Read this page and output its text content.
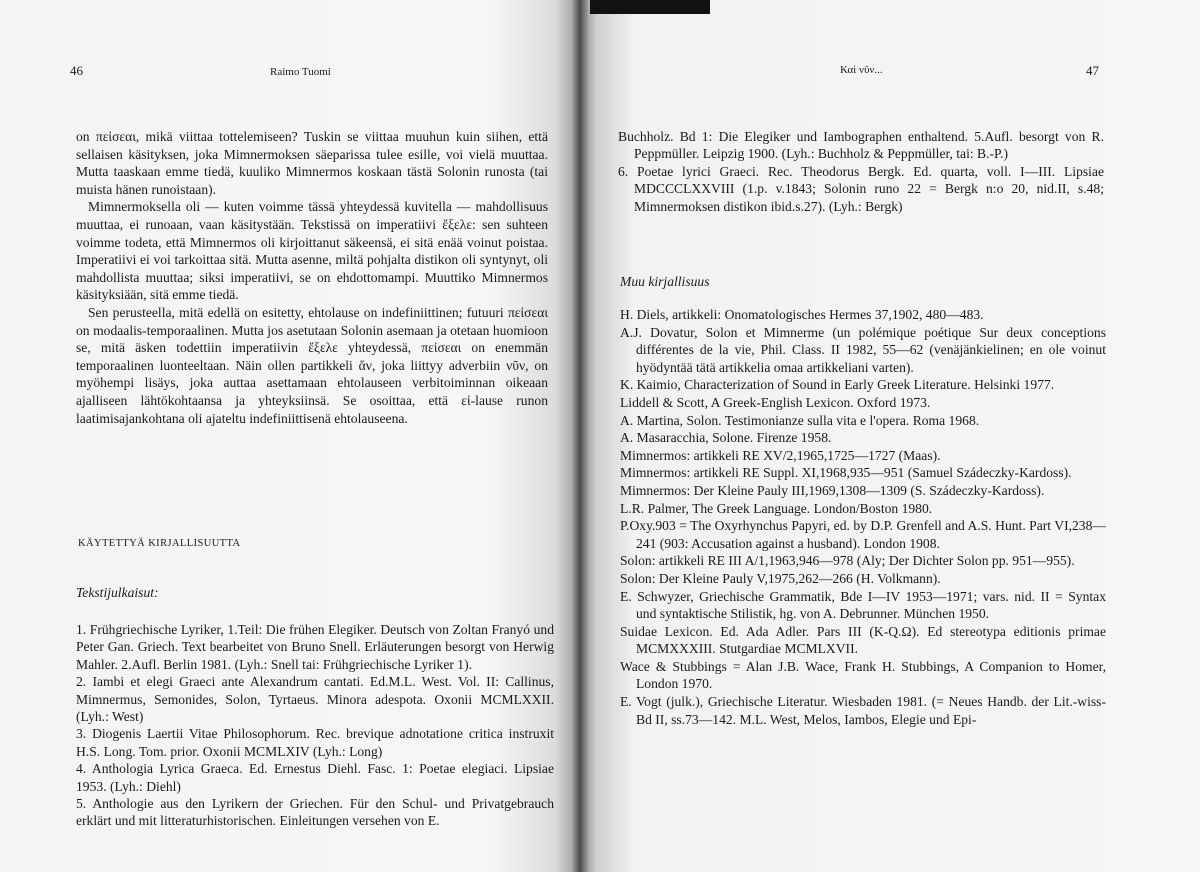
46	Raimo Tuomi

on πεἰσεαι, mikä viittaa tottelemiseen? Tuskin se viittaa muuhun kuin siihen, että sellaisen käsityksen, joka Mimnermoksen säeparissa tulee esille, voi vielä muuttaa. Mutta taaskaan emme tiedä, kuuliko Mimnermos koskaan tästä Solonin runosta (tai muista hänen runoistaan).

Mimnermoksella oli — kuten voimme tässä yhteydessä kuvitella — mahdollisuus muuttaa, ei runoaan, vaan käsitystään. Tekstissä on imperatiivi ἔξελε: sen suhteen voimme todeta, että Mimnermos oli kirjoittanut säkeensä, ei sitä enää voinut poistaa. Imperatiivi ei voi tarkoittaa sitä. Mutta asenne, miltä pohjalta distikon oli syntynyt, oli mahdollista muuttaa; siksi imperatiivi, se on ehdottomampi. Muuttiko Mimnermos käsityksiään, sitä emme tiedä.

Sen perusteella, mitä edellä on esitetty, ehtolause on indefiniittinen; futuuri πεἰσεαι on modaalis-temporaalinen. Mutta jos asetutaan Solonin asemaan ja otetaan huomioon se, mitä äsken todettiin imperatiivin ἔξελε yhteydessä, πεἰσεαι on enemmän temporaalinen luonteeltaan. Näin ollen partikkeli ἄν, joka liittyy adverbiin νῦν, on myöhempi lisäys, joka auttaa asettamaan ehtolauseen verbitoiminnan oikeaan ajalliseen lähtökohtaansa ja yhteyksiinsä. Se osoittaa, että εἰ-lause runon laatimisajankohtana oli ajateltu indefiniittisenä ehtolauseena.

KÄYTETTYÄ KIRJALLISUUTTA
Tekstijulkaisut:

1. Frühgriechische Lyriker, 1.Teil: Die frühen Elegiker. Deutsch von Zoltan Franyó und Peter Gan. Griech. Text bearbeitet von Bruno Snell. Erläuterungen besorgt von Herwig Mahler. 2.Aufl. Berlin 1981. (Lyh.: Snell tai: Frühgriechische Lyriker 1).

2. Iambi et elegi Graeci ante Alexandrum cantati. Ed.M.L. West. Vol. II: Callinus, Mimnermus, Semonides, Solon, Tyrtaeus. Minora adespota. Oxonii MCMLXXII. (Lyh.: West)

3. Diogenis Laertii Vitae Philosophorum. Rec. brevique adnotatione critica instruxit H.S. Long. Tom. prior. Oxonii MCMLXIV (Lyh.: Long)

4. Anthologia Lyrica Graeca. Ed. Ernestus Diehl. Fasc. 1: Poetae elegiaci. Lipsiae 1953. (Lyh.: Diehl)

5. Anthologie aus den Lyrikern der Griechen. Für den Schul- und Privatgebrauch erklärt und mit litteraturhistorischen. Einleitungen versehen von E.

Καὶ νῦν...	47

Buchholz. Bd 1: Die Elegiker und Iambographen enthaltend. 5.Aufl. besorgt von R. Peppmüller. Leipzig 1900. (Lyh.: Buchholz & Peppmüller, tai: B.-P.)

6. Poetae lyrici Graeci. Rec. Theodorus Bergk. Ed. quarta, voll. I—III. Lipsiae MDCCCLXXVIII (1.p. v.1843; Solonin runo 22 = Bergk n:o 20, nid.II, s.48; Mimnermoksen distikon ibid.s.27). (Lyh.: Bergk)

Muu kirjallisuus

H. Diels, artikkeli: Onomatologisches Hermes 37,1902, 480—483.

A.J. Dovatur, Solon et Mimnerme (un polémique poétique Sur deux conceptions différentes de la vie, Phil. Class. II 1982, 55—62 (venäjänkielinen; en ole voinut hyödyntää tätä artikkelia omaa artikkeliani varten).

K. Kaimio, Characterization of Sound in Early Greek Literature. Helsinki 1977.

Liddell & Scott, A Greek-English Lexicon. Oxford 1973.

A. Martina, Solon. Testimonianze sulla vita e l'opera. Roma 1968.

A. Masaracchia, Solone. Firenze 1958.

Mimnermos: artikkeli RE XV/2,1965,1725—1727 (Maas).

Mimnermos: artikkeli RE Suppl. XI,1968,935—951 (Samuel Szádeczky-Kardoss).

Mimnermos: Der Kleine Pauly III,1969,1308—1309 (S. Szádeczky-Kardoss).

L.R. Palmer, The Greek Language. London/Boston 1980.

P.Oxy.903 = The Oxyrhynchus Papyri, ed. by D.P. Grenfell and A.S. Hunt. Part VI,238—241 (903: Accusation against a husband). London 1908.

Solon: artikkeli RE III A/1,1963,946—978 (Aly; Der Dichter Solon pp. 951—955).

Solon: Der Kleine Pauly V,1975,262—266 (H. Volkmann).

E. Schwyzer, Griechische Grammatik, Bde I—IV 1953—1971; vars. nid. II = Syntax und syntaktische Stilistik, hg. von A. Debrunner. München 1950.

Suidae Lexicon. Ed. Ada Adler. Pars III (K-Q.Ω). Ed stereotypa editionis primae MCMXXXIII. Stutgardiae MCMLXVII.

Wace & Stubbings = Alan J.B. Wace, Frank H. Stubbings, A Companion to Homer, London 1970.

E. Vogt (julk.), Griechische Literatur. Wiesbaden 1981. (= Neues Handb. der Lit.-wiss- Bd II, ss.73—142. M.L. West, Melos, Iambos, Elegie und Epi-
